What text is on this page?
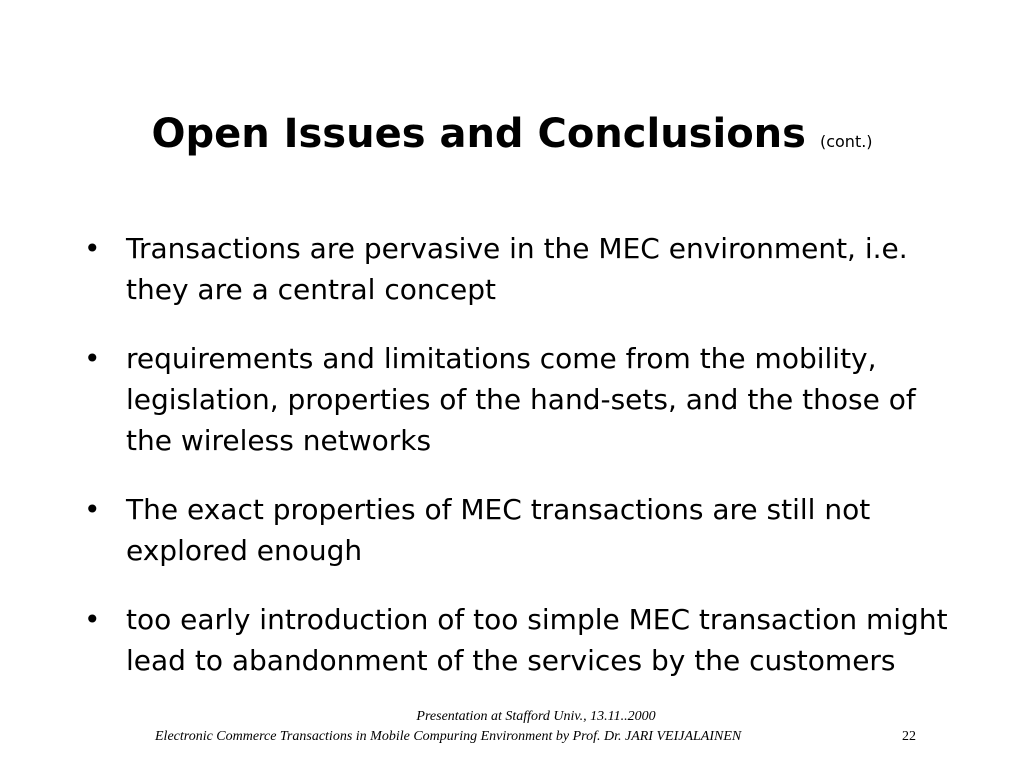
Open Issues and Conclusions (cont.)
• Transactions are pervasive in the MEC environment, i.e. they are a central concept
• requirements and limitations come from the mobility, legislation, properties of the hand-sets, and the those of the wireless networks
• The exact properties of MEC transactions are still not explored enough
• too early introduction of too simple MEC transaction might lead to abandonment of the services by the customers
Presentation at Stafford Univ., 13.11..2000
Electronic Commerce Transactions in Mobile Compuring Environment by Prof. Dr. JARI VEIJALAINEN	22
